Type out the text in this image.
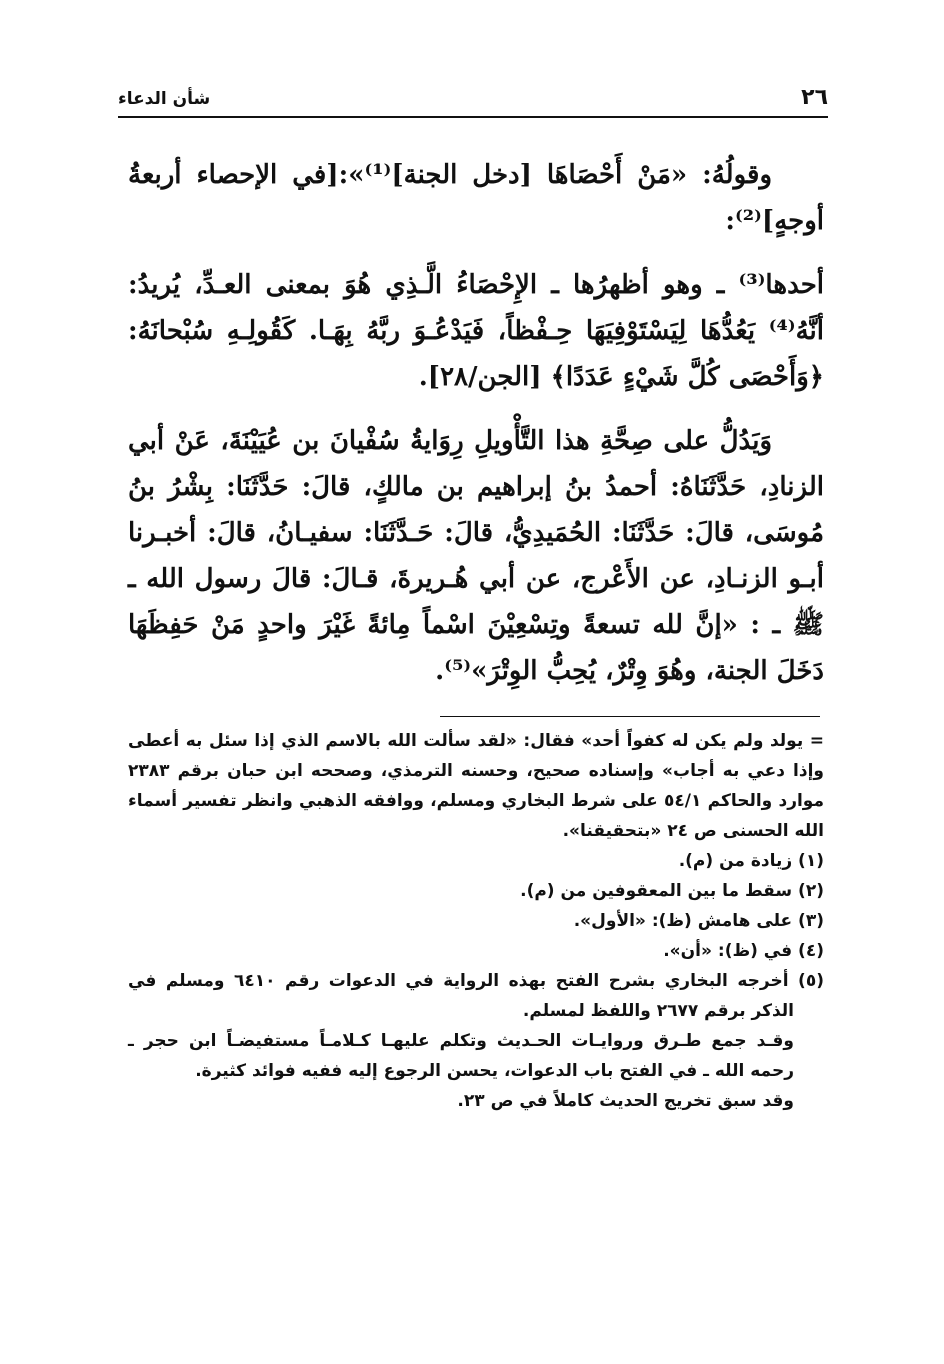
٢٦
شأن الدعاء

وقولُهُ: «مَنْ أَحْصَاهَا [دخل الجنة]⁽¹⁾»:[في الإحصاء أربعةُ أوجهٍ]⁽²⁾:

أحدها⁽³⁾ ـ وهو أظهرُها ـ الإِحْصَاءُ الَّـذِي هُوَ بمعنى العـدِّ، يُريدُ: أنَّهُ⁽⁴⁾ يَعُدُّهَا لِيَسْتَوْفِيَهَا حِـفْظاً، فَيَدْعُـوَ ربَّهُ بِهَـا. كَقُولِـهِ سُبْحانَهُ: ﴿وَأَحْصَى كُلَّ شَيْءٍ عَدَدًا﴾ [الجن/٢٨].

وَيَدُلُّ على صِحَّةِ هذا التَّأْويلِ رِوَايةُ سُفْيانَ بن عُيَيْنَةَ، عَنْ أبي الزنادِ، حَدَّثَنَاهُ: أحمدُ بنُ إبراهيم بن مالكٍ، قالَ: حَدَّثَنَا: بِشْرُ بنُ مُوسَى، قالَ: حَدَّثَنَا: الحُمَيدِيُّ، قالَ: حَـدَّثَنَا: سفيـانُ، قالَ: أخبـرنا أبـو الزنـادِ، عن الأَعْرج، عن أبي هُـريرةَ، قـالَ: قالَ رسول الله ـ ﷺ ـ : «إنَّ لله تسعةً وتِسْعِيْنَ اسْماً مِائةً غَيْرَ واحدٍ مَنْ حَفِظَهَا دَخَلَ الجنة، وهُوَ وِتْرٌ، يُحِبُّ الوِتْرَ»⁽⁵⁾.

= يولد ولم يكن له كفواً أحد» فقال: «لقد سألت الله بالاسم الذي إذا سئل به أعطى وإذا دعي به أجاب» وإسناده صحيح، وحسنه الترمذي، وصححه ابن حبان برقم ٢٣٨٣ موارد والحاكم ٥٤/١ على شرط البخاري ومسلم، ووافقه الذهبي وانظر تفسير أسماء الله الحسنى ص ٢٤ «بتحقيقنا».

(١) زيادة من (م).

(٢) سقط ما بين المعقوفين من (م).

(٣) على هامش (ظ): «الأول».

(٤) في (ظ): «أن».

(٥) أخرجه البخاري بشرح الفتح بهذه الرواية في الدعوات رقم ٦٤١٠ ومسلم في الذكر برقم ٢٦٧٧ واللفظ لمسلم.

وقـد جمع طـرق وروايـات الحـديث وتكلم عليهـا كـلامـاً مستفيضـاً ابن حجر ـ رحمه الله ـ في الفتح باب الدعوات، يحسن الرجوع إليه ففيه فوائد كثيرة.

وقد سبق تخريج الحديث كاملاً في ص ٢٣.
